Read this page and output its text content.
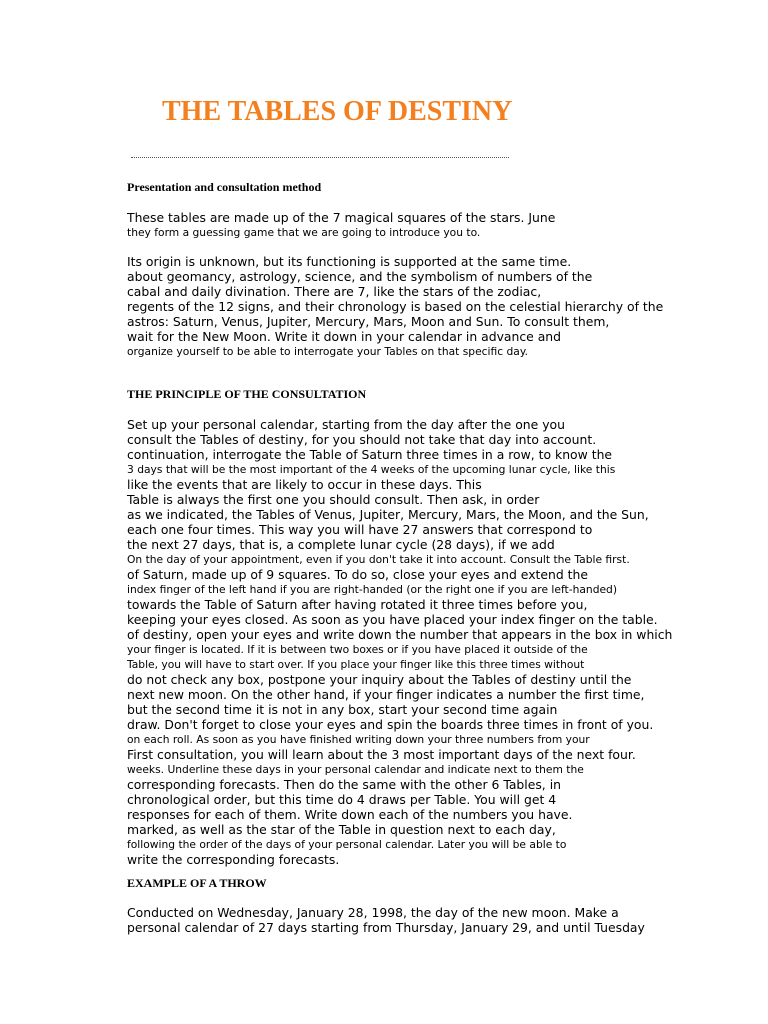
THE TABLES OF DESTINY
Presentation and consultation method
These tables are made up of the 7 magical squares of the stars. June
they form a guessing game that we are going to introduce you to.
Its origin is unknown, but its functioning is supported at the same time.
about geomancy, astrology, science, and the symbolism of numbers of the
cabal and daily divination. There are 7, like the stars of the zodiac,
regents of the 12 signs, and their chronology is based on the celestial hierarchy of the
astros: Saturn, Venus, Jupiter, Mercury, Mars, Moon and Sun. To consult them,
wait for the New Moon. Write it down in your calendar in advance and
organize yourself to be able to interrogate your Tables on that specific day.
THE PRINCIPLE OF THE CONSULTATION
Set up your personal calendar, starting from the day after the one you
consult the Tables of destiny, for you should not take that day into account.
continuation, interrogate the Table of Saturn three times in a row, to know the
3 days that will be the most important of the 4 weeks of the upcoming lunar cycle, like this
like the events that are likely to occur in these days. This
Table is always the first one you should consult. Then ask, in order
as we indicated, the Tables of Venus, Jupiter, Mercury, Mars, the Moon, and the Sun,
each one four times. This way you will have 27 answers that correspond to
the next 27 days, that is, a complete lunar cycle (28 days), if we add
On the day of your appointment, even if you don't take it into account. Consult the Table first.
of Saturn, made up of 9 squares. To do so, close your eyes and extend the
index finger of the left hand if you are right-handed (or the right one if you are left-handed)
towards the Table of Saturn after having rotated it three times before you,
keeping your eyes closed. As soon as you have placed your index finger on the table.
of destiny, open your eyes and write down the number that appears in the box in which
your finger is located. If it is between two boxes or if you have placed it outside of the
Table, you will have to start over. If you place your finger like this three times without
do not check any box, postpone your inquiry about the Tables of destiny until the
next new moon. On the other hand, if your finger indicates a number the first time,
but the second time it is not in any box, start your second time again
draw. Don't forget to close your eyes and spin the boards three times in front of you.
on each roll. As soon as you have finished writing down your three numbers from your
First consultation, you will learn about the 3 most important days of the next four.
weeks. Underline these days in your personal calendar and indicate next to them the
corresponding forecasts. Then do the same with the other 6 Tables, in
chronological order, but this time do 4 draws per Table. You will get 4
responses for each of them. Write down each of the numbers you have.
marked, as well as the star of the Table in question next to each day,
following the order of the days of your personal calendar. Later you will be able to
write the corresponding forecasts.
EXAMPLE OF A THROW
Conducted on Wednesday, January 28, 1998, the day of the new moon. Make a
personal calendar of 27 days starting from Thursday, January 29, and until Tuesday
